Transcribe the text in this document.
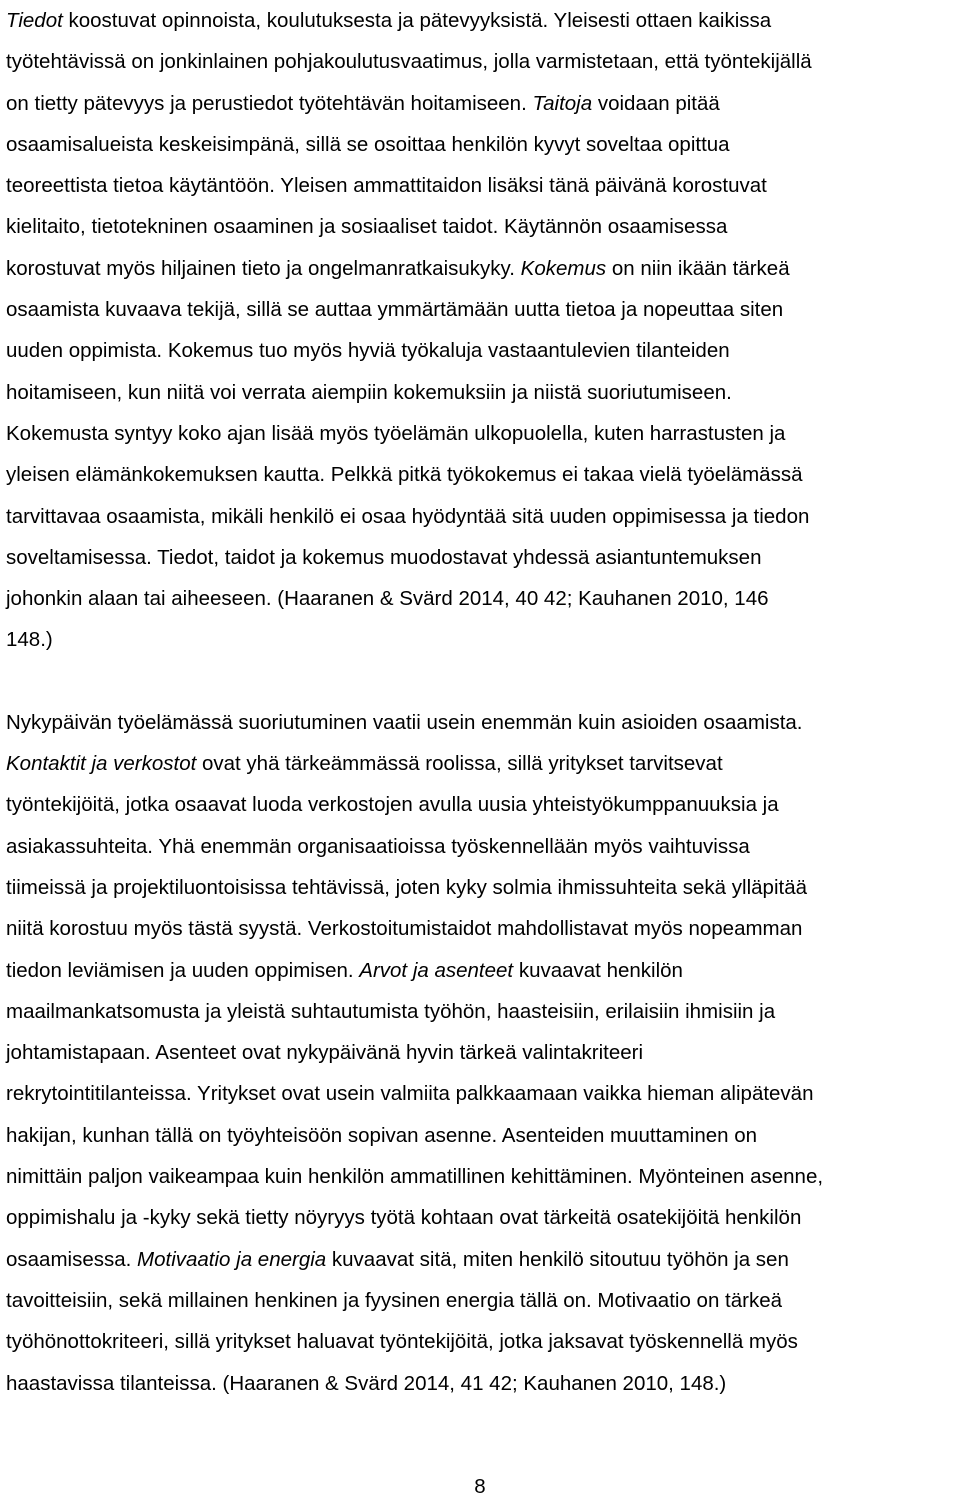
Tiedot koostuvat opinnoista, koulutuksesta ja pätevyyksistä. Yleisesti ottaen kaikissa
työtehtävissä on jonkinlainen pohjakoulutusvaatimus, jolla varmistetaan, että työntekijällä
on tietty pätevyys ja perustiedot työtehtävän hoitamiseen. Taitoja voidaan pitää
osaamisalueista keskeisimpänä, sillä se osoittaa henkilön kyvyt soveltaa opittua
teoreettista tietoa käytäntöön. Yleisen ammattitaidon lisäksi tänä päivänä korostuvat
kielitaito, tietotekninen osaaminen ja sosiaaliset taidot. Käytännön osaamisessa
korostuvat myös hiljainen tieto ja ongelmanratkaisukyky. Kokemus on niin ikään tärkeä
osaamista kuvaava tekijä, sillä se auttaa ymmärtämään uutta tietoa ja nopeuttaa siten
uuden oppimista. Kokemus tuo myös hyviä työkaluja vastaantulevien tilanteiden
hoitamiseen, kun niitä voi verrata aiempiin kokemuksiin ja niistä suoriutumiseen.
Kokemusta syntyy koko ajan lisää myös työelämän ulkopuolella, kuten harrastusten ja
yleisen elämänkokemuksen kautta. Pelkkä pitkä työkokemus ei takaa vielä työelämässä
tarvittavaa osaamista, mikäli henkilö ei osaa hyödyntää sitä uuden oppimisessa ja tiedon
soveltamisessa. Tiedot, taidot ja kokemus muodostavat yhdessä asiantuntemuksen
johonkin alaan tai aiheeseen. (Haaranen & Svärd 2014, 40 42; Kauhanen 2010, 146
148.)

Nykypäivän työelämässä suoriutuminen vaatii usein enemmän kuin asioiden osaamista.
Kontaktit ja verkostot ovat yhä tärkeämmässä roolissa, sillä yritykset tarvitsevat
työntekijöitä, jotka osaavat luoda verkostojen avulla uusia yhteistyökumppanuuksia ja
asiakassuhteita. Yhä enemmän organisaatioissa työskennellään myös vaihtuvissa
tiimeissä ja projektiluontoisissa tehtävissä, joten kyky solmia ihmissuhteita sekä ylläpitää
niitä korostuu myös tästä syystä. Verkostoitumistaidot mahdollistavat myös nopeamman
tiedon leviämisen ja uuden oppimisen. Arvot ja asenteet kuvaavat henkilön
maailmankatsomusta ja yleistä suhtautumista työhön, haasteisiin, erilaisiin ihmisiin ja
johtamistapaan. Asenteet ovat nykypäivänä hyvin tärkeä valintakriteeri
rekrytointitilanteissa. Yritykset ovat usein valmiita palkkaamaan vaikka hieman alipätevän
hakijan, kunhan tällä on työyhteisöön sopivan asenne. Asenteiden muuttaminen on
nimittäin paljon vaikeampaa kuin henkilön ammatillinen kehittäminen. Myönteinen asenne,
oppimishalu ja -kyky sekä tietty nöyryys työtä kohtaan ovat tärkeitä osatekijöitä henkilön
osaamisessa. Motivaatio ja energia kuvaavat sitä, miten henkilö sitoutuu työhön ja sen
tavoitteisiin, sekä millainen henkinen ja fyysinen energia tällä on. Motivaatio on tärkeä
työhönottokriteeri, sillä yritykset haluavat työntekijöitä, jotka jaksavat työskennellä myös
haastavissa tilanteissa. (Haaranen & Svärd 2014, 41 42; Kauhanen 2010, 148.)

8
